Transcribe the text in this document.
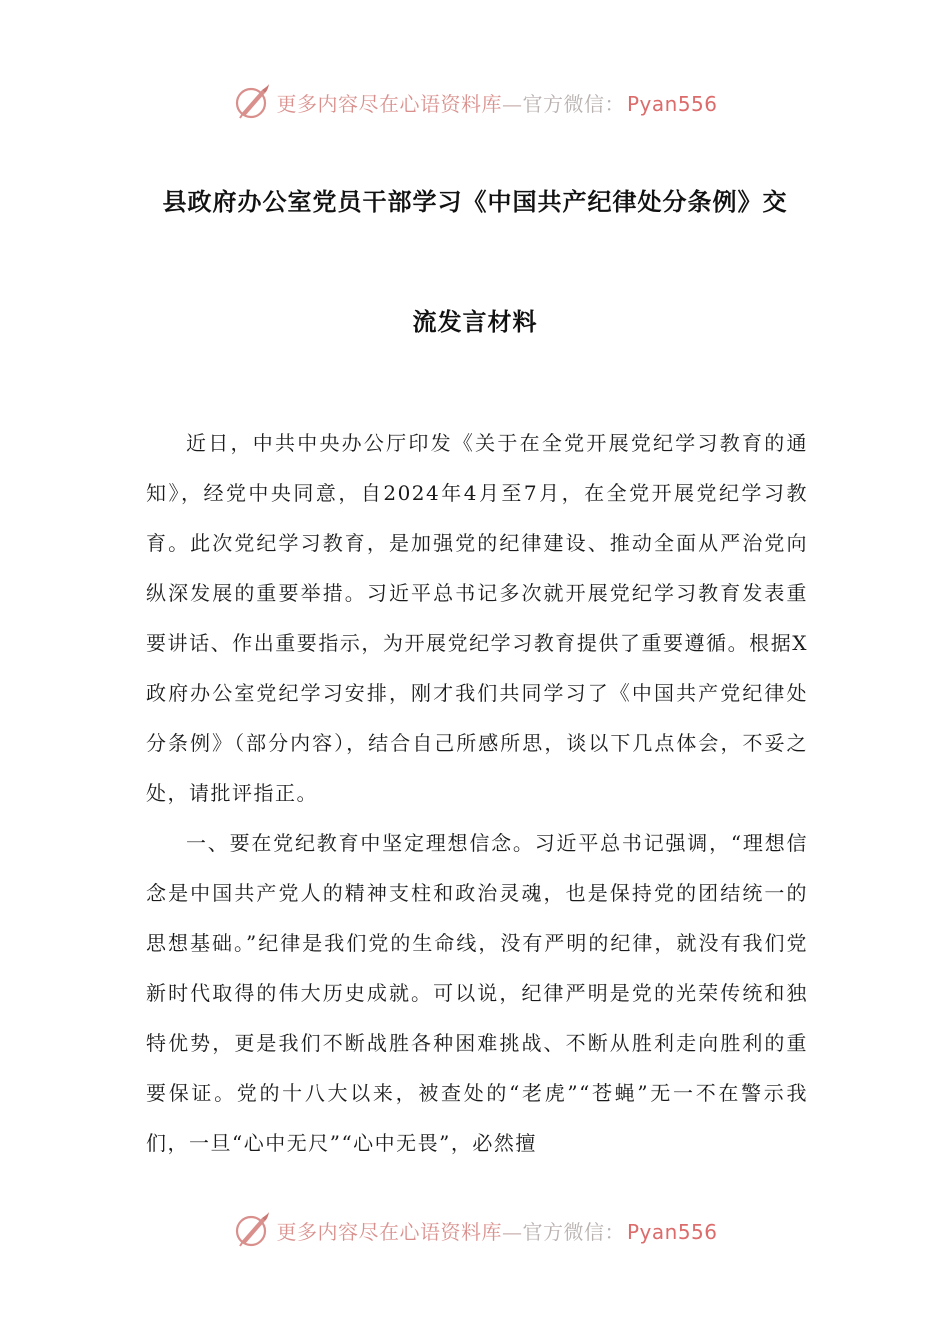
更多内容尽在心语资料库—官方微信： Pyan556
县政府办公室党员干部学习《中国共产纪律处分条例》交
流发言材料

近日，中共中央办公厅印发《关于在全党开展党纪学习教育的通知》，经党中央同意，自2024年4月至7月，在全党开展党纪学习教育。此次党纪学习教育，是加强党的纪律建设、推动全面从严治党向纵深发展的重要举措。习近平总书记多次就开展党纪学习教育发表重要讲话、作出重要指示，为开展党纪学习教育提供了重要遵循。根据X政府办公室党纪学习安排，刚才我们共同学习了《中国共产党纪律处分条例》（部分内容），结合自己所感所思，谈以下几点体会，不妥之处，请批评指正。

一、要在党纪教育中坚定理想信念。习近平总书记强调，“理想信念是中国共产党人的精神支柱和政治灵魂，也是保持党的团结统一的思想基础。”纪律是我们党的生命线，没有严明的纪律，就没有我们党新时代取得的伟大历史成就。可以说，纪律严明是党的光荣传统和独特优势，更是我们不断战胜各种困难挑战、不断从胜利走向胜利的重要保证。党的十八大以来，被查处的“老虎”“苍蝇”无一不在警示我们，一旦“心中无尺”“心中无畏”，必然擅

更多内容尽在心语资料库—官方微信： Pyan556
